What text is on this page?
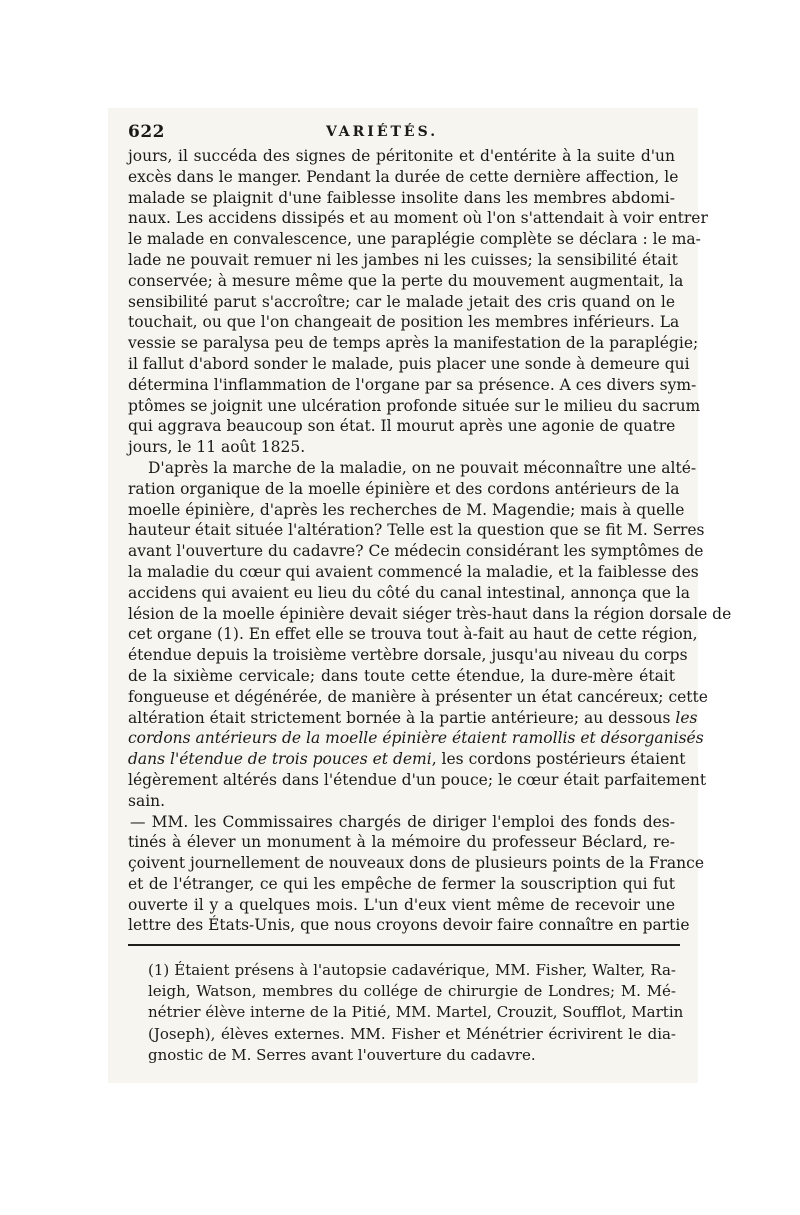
622	VARIÉTÉS.
jours, il succéda des signes de péritonite et d'entérite à la suite d'un
excès dans le manger. Pendant la durée de cette dernière affection, le
malade se plaignit d'une faiblesse insolite dans les membres abdomi-
naux. Les accidens dissipés et au moment où l'on s'attendait à voir entrer
le malade en convalescence, une paraplégie complète se déclara : le ma-
lade ne pouvait remuer ni les jambes ni les cuisses; la sensibilité était
conservée; à mesure même que la perte du mouvement augmentait, la
sensibilité parut s'accroître; car le malade jetait des cris quand on le
touchait, ou que l'on changeait de position les membres inférieurs. La
vessie se paralysa peu de temps après la manifestation de la paraplégie;
il fallut d'abord sonder le malade, puis placer une sonde à demeure qui
détermina l'inflammation de l'organe par sa présence. A ces divers sym-
ptômes se joignit une ulcération profonde située sur le milieu du sacrum
qui aggrava beaucoup son état. Il mourut après une agonie de quatre
jours, le 11 août 1825.
D'après la marche de la maladie, on ne pouvait méconnaître une alté-
ration organique de la moelle épinière et des cordons antérieurs de la
moelle épinière, d'après les recherches de M. Magendie; mais à quelle
hauteur était située l'altération? Telle est la question que se fit M. Serres
avant l'ouverture du cadavre? Ce médecin considérant les symptômes de
la maladie du cœur qui avaient commencé la maladie, et la faiblesse des
accidens qui avaient eu lieu du côté du canal intestinal, annonça que la
lésion de la moelle épinière devait siéger très-haut dans la région dorsale de
cet organe (1). En effet elle se trouva tout à-fait au haut de cette région,
étendue depuis la troisième vertèbre dorsale, jusqu'au niveau du corps
de la sixième cervicale; dans toute cette étendue, la dure-mère était
fongueuse et dégénérée, de manière à présenter un état cancéreux; cette
altération était strictement bornée à la partie antérieure; au dessous les
cordons antérieurs de la moelle épinière étaient ramollis et désorganisés
dans l'étendue de trois pouces et demi, les cordons postérieurs étaient
légèrement altérés dans l'étendue d'un pouce; le cœur était parfaitement
sain.
— MM. les Commissaires chargés de diriger l'emploi des fonds des-
tinés à élever un monument à la mémoire du professeur Béclard, re-
çoivent journellement de nouveaux dons de plusieurs points de la France
et de l'étranger, ce qui les empêche de fermer la souscription qui fut
ouverte il y a quelques mois. L'un d'eux vient même de recevoir une
lettre des États-Unis, que nous croyons devoir faire connaître en partie
(1) Étaient présens à l'autopsie cadavérique, MM. Fisher, Walter, Ra-
leigh, Watson, membres du collége de chirurgie de Londres; M. Mé-
nétrier élève interne de la Pitié, MM. Martel, Crouzit, Soufflot, Martin
(Joseph), élèves externes. MM. Fisher et Ménétrier écrivirent le dia-
gnostic de M. Serres avant l'ouverture du cadavre.
